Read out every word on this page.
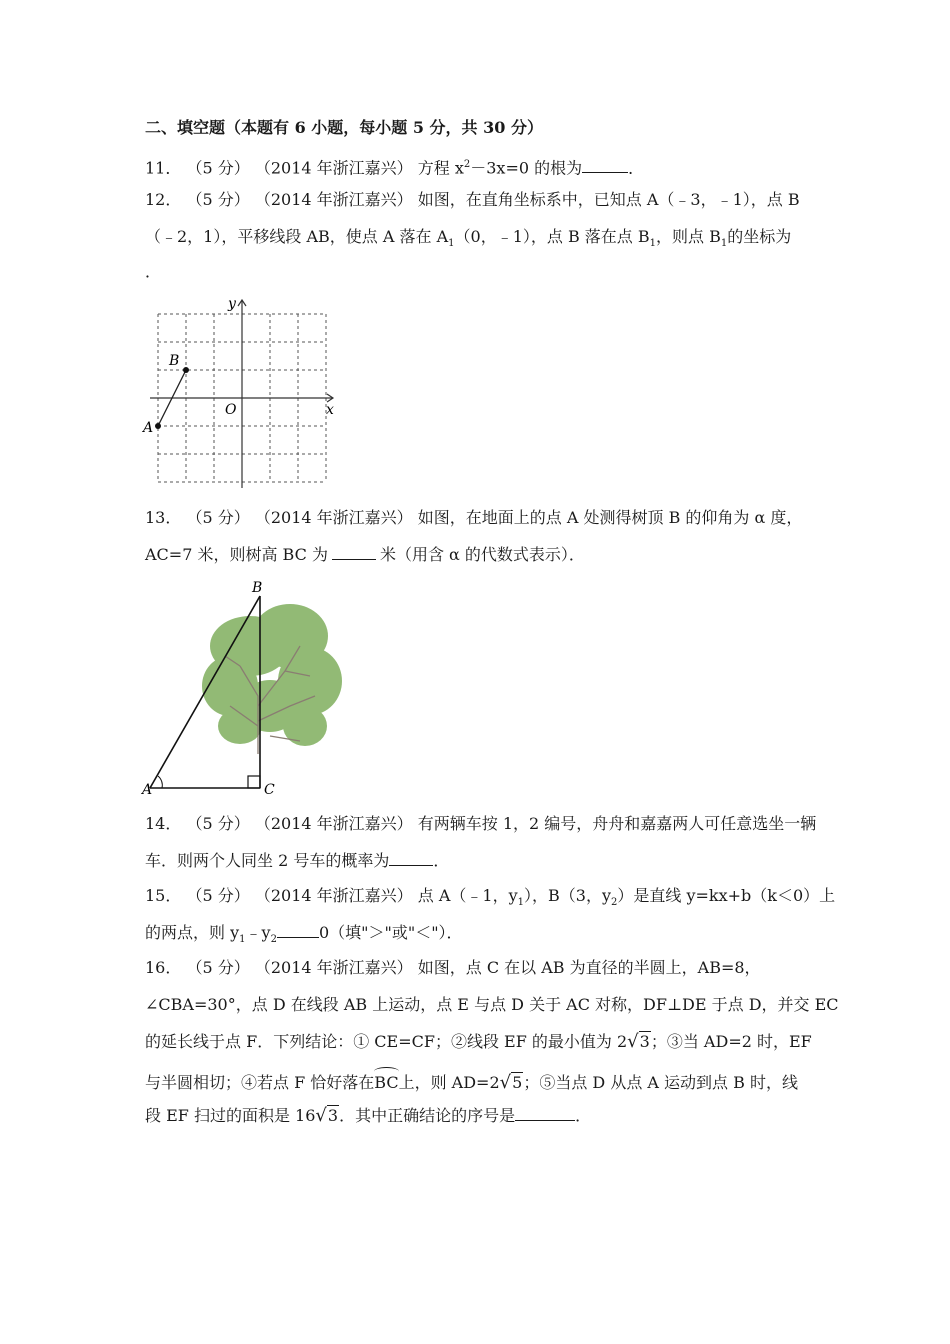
二、填空题（本题有 6 小题，每小题 5 分，共 30 分）
11． （5 分） （2014 年浙江嘉兴） 方程 $x^2-3x=0$ 的根为	．
12． （5 分） （2014 年浙江嘉兴） 如图，在直角坐标系中，已知点 A（﹣3，﹣1），点 B
（﹣2，1），平移线段 AB，使点 A 落在 $A_1(0$，﹣1），点 B 落在点 $B_1$，则点 $B_1$的坐标为
．
y
x
O
A
B
13． （5 分） （2014 年浙江嘉兴） 如图，在地面上的点 A 处测得树顶 B 的仰角为 α 度，
AC=7 米，则树高 BC 为	米（用含 α 的代数式表示）．
B
A	C
14． （5 分） （2014 年浙江嘉兴） 有两辆车按 1，2 编号，舟舟和嘉嘉两人可任意选坐一辆
车．则两个人同坐 2 号车的概率为	．
15． （5 分） （2014 年浙江嘉兴） 点 A（﹣1，$y_1$），B（3，$y_2$）是直线 y=kx+b（k＜0）上
的两点，则 $y_1﹣y_2$	0（填"＞"或"＜"）．
16． （5 分） （2014 年浙江嘉兴） 如图，点 C 在以 AB 为直径的半圆上，AB=8，
∠CBA=30°，点 D 在线段 AB 上运动，点 E 与点 D 关于 AC 对称，DF⊥DE 于点 D，并交 EC
的延长线于点 F．下列结论：① CE=CF；②线段 EF 的最小值为 2√3；③当 AD=2 时，EF
与半圆相切；④若点 F 恰好落在BC上，则 AD=2√5；⑤当点 D 从点 A 运动到点 B 时，线
段 EF 扫过的面积是 16√3．其中正确结论的序号是	．
